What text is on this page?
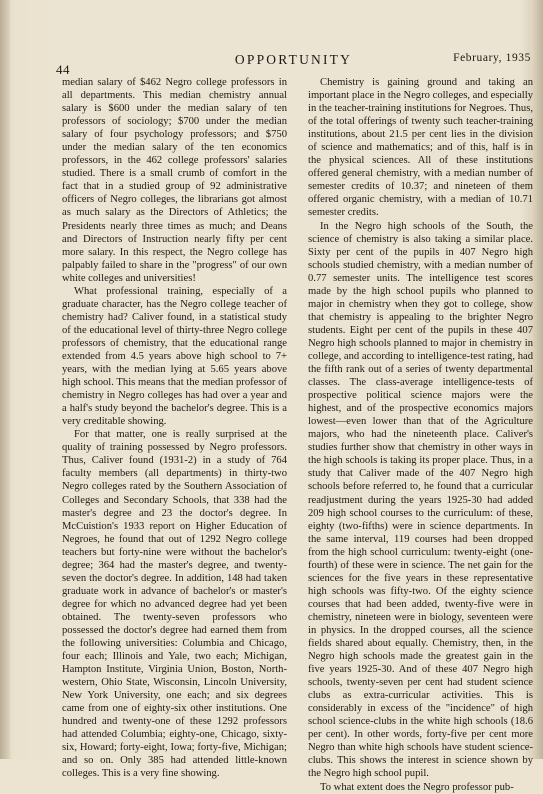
44
OPPORTUNITY	February, 1935

median salary of $462 Negro college professors in all departments. This median chemistry annual salary is $600 under the median salary of ten professors of sociology; $700 under the median salary of four psychology professors; and $750 under the median salary of the ten economics professors, in the 462 college professors' salaries studied. There is a small crumb of comfort in the fact that in a studied group of 92 administrative officers of Negro colleges, the librarians got almost as much salary as the Directors of Athletics; the Presidents nearly three times as much; and Deans and Directors of Instruction nearly fifty per cent more salary. In this respect, the Negro college has palpably failed to share in the "progress" of our own white colleges and universities!

What professional training, especially of a graduate character, has the Negro college teacher of chemistry had? Caliver found, in a statistical study of the educational level of thirty-three Negro college professors of chemistry, that the educational range extended from 4.5 years above high school to 7+ years, with the median lying at 5.65 years above high school. This means that the median professor of chemistry in Negro colleges has had over a year and a half's study beyond the bachelor's degree. This is a very creditable showing.

For that matter, one is really surprised at the quality of training possessed by Negro professors. Thus, Caliver found (1931-2) in a study of 764 faculty members (all departments) in thirty-two Negro colleges rated by the Southern Association of Colleges and Secondary Schools, that 338 had the master's degree and 23 the doctor's degree. In McCuistion's 1933 report on Higher Education of Negroes, he found that out of 1292 Negro college teachers but forty-nine were without the bachelor's degree; 364 had the master's degree, and twenty-seven the doctor's degree. In addition, 148 had taken graduate work in advance of bachelor's or master's degree for which no advanced degree had yet been obtained. The twenty-seven professors who possessed the doctor's degree had earned them from the following universities: Columbia and Chicago, four each; Illinois and Yale, two each; Michigan, Hampton Institute, Virginia Union, Boston, Northwestern, Ohio State, Wisconsin, Lincoln University, New York University, one each; and six degrees came from one of eighty-six other institutions. One hundred and twenty-one of these 1292 professors had attended Columbia; eighty-one, Chicago, sixty-six, Howard; forty-eight, Iowa; forty-five, Michigan; and so on. Only 385 had attended little-known colleges. This is a very fine showing.

Chemistry is gaining ground and taking an important place in the Negro colleges, and especially in the teacher-training institutions for Negroes. Thus, of the total offerings of twenty such teacher-training institutions, about 21.5 per cent lies in the division of science and mathematics; and of this, half is in the physical sciences. All of these institutions offered general chemistry, with a median number of semester credits of 10.37; and nineteen of them offered organic chemistry, with a median of 10.71 semester credits.

In the Negro high schools of the South, the science of chemistry is also taking a similar place. Sixty per cent of the pupils in 407 Negro high schools studied chemistry, with a median number of 0.77 semester units. The intelligence test scores made by the high school pupils who planned to major in chemistry when they got to college, show that chemistry is appealing to the brighter Negro students. Eight per cent of the pupils in these 407 Negro high schools planned to major in chemistry in college, and according to intelligence-test rating, had the fifth rank out of a series of twenty departmental classes. The class-average intelligence-tests of prospective political science majors were the highest, and of the prospective economics majors lowest—even lower than that of the Agriculture majors, who had the nineteenth place. Caliver's studies further show that chemistry in other ways in the high schools is taking its proper place. Thus, in a study that Caliver made of the 407 Negro high schools before referred to, he found that a curricular readjustment during the years 1925-30 had added 209 high school courses to the curriculum: of these, eighty (two-fifths) were in science departments. In the same interval, 119 courses had been dropped from the high school curriculum: twenty-eight (one-fourth) of these were in science. The net gain for the sciences for the five years in these representative high schools was fifty-two. Of the eighty science courses that had been added, twenty-five were in chemistry, nineteen were in biology, seventeen were in physics. In the dropped courses, all the science fields shared about equally. Chemistry, then, in the Negro high schools made the greatest gain in the five years 1925-30. And of these 407 Negro high schools, twenty-seven per cent had student science clubs as extra-curricular activities. This is considerably in excess of the "incidence" of high school science-clubs in the white high schools (18.6 per cent). In other words, forty-five per cent more Negro than white high schools have student science-clubs. This shows the interest in science shown by the Negro high school pupil.

To what extent does the Negro professor pub-
